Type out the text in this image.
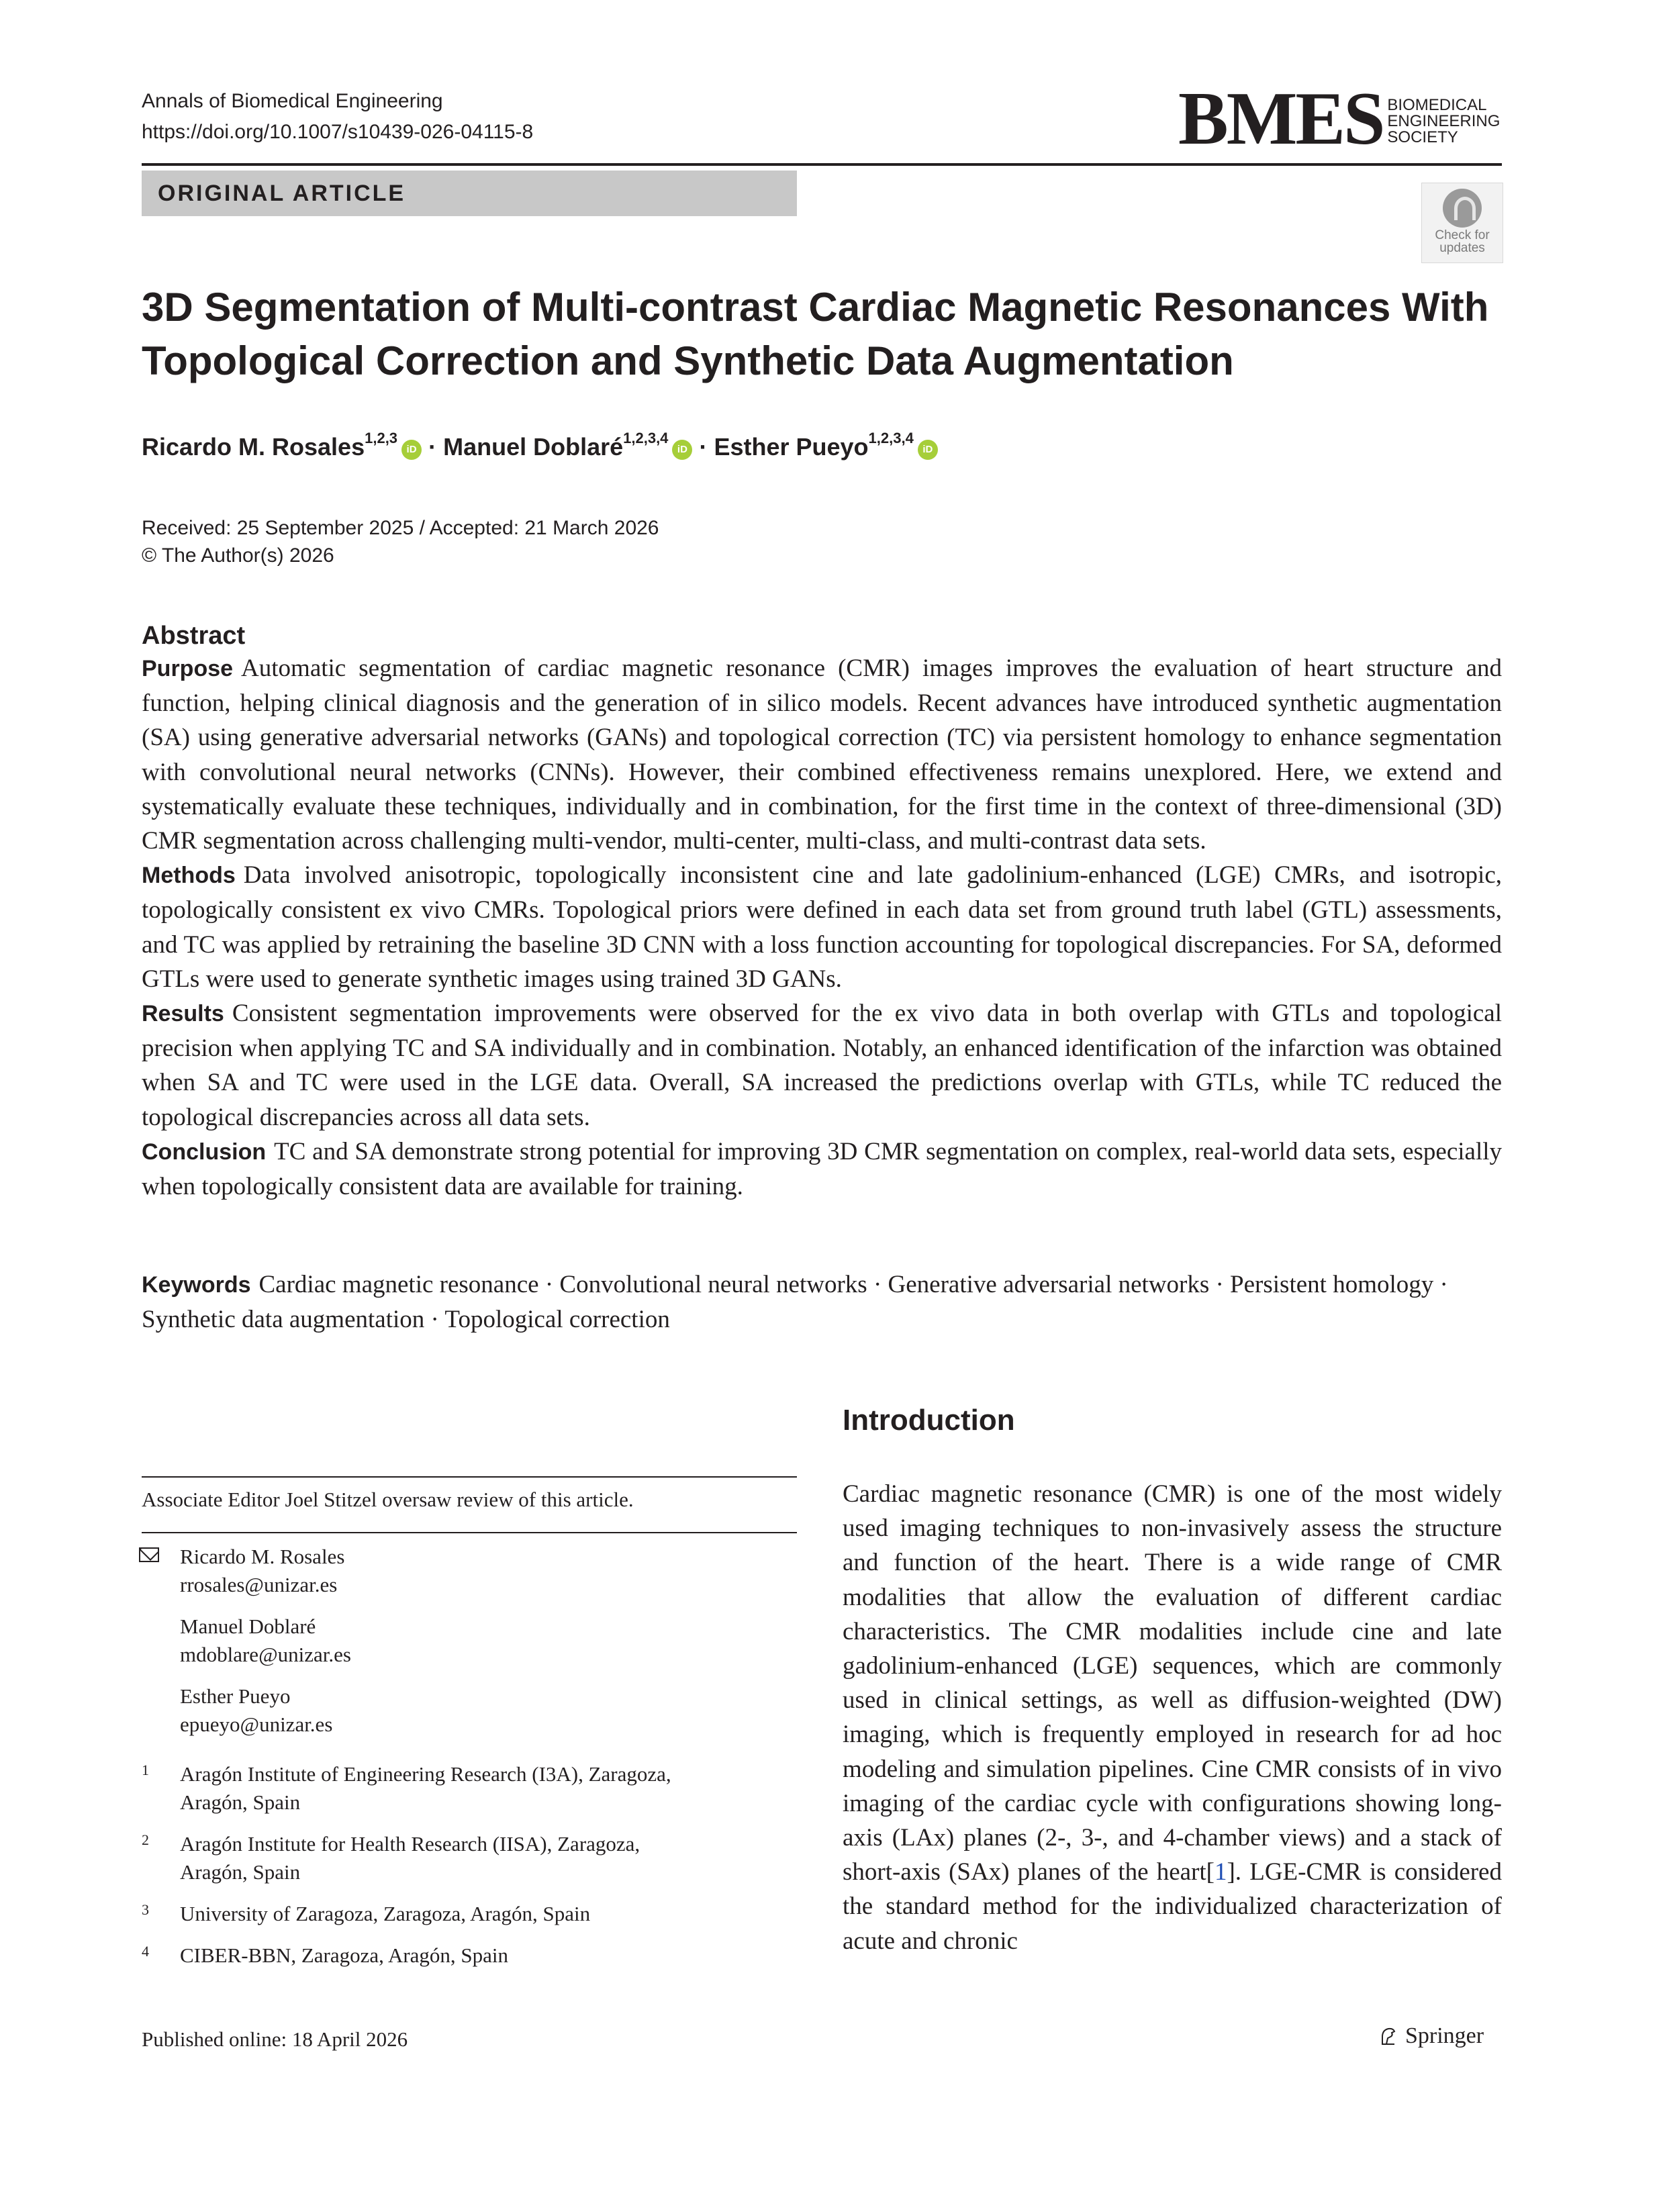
Annals of Biomedical Engineering
https://doi.org/10.1007/s10439-026-04115-8	BMES BIOMEDICAL
ENGINEERING
SOCIETY
ORIGINAL ARTICLE
Check for
updates
3D Segmentation of Multi-contrast Cardiac Magnetic Resonances With
Topological Correction and Synthetic Data Augmentation
Ricardo M. Rosales$^{1,2,3}$iD · Manuel Doblaré$^{1,2,3,4}$iD · Esther Pueyo$^{1,2,3,4}$iD
Received: 25 September 2025 / Accepted: 21 March 2026
© The Author(s) 2026
Abstract

Purpose Automatic segmentation of cardiac magnetic resonance (CMR) images improves the evaluation of heart structure and function, helping clinical diagnosis and the generation of in silico models. Recent advances have introduced synthetic augmentation (SA) using generative adversarial networks (GANs) and topological correction (TC) via persistent homology to enhance segmentation with convolutional neural networks (CNNs). However, their combined effectiveness remains unexplored. Here, we extend and systematically evaluate these techniques, individually and in combination, for the first time in the context of three-dimensional (3D) CMR segmentation across challenging multi-vendor, multi-center, multi-class, and multi-contrast data sets.

Methods Data involved anisotropic, topologically inconsistent cine and late gadolinium-enhanced (LGE) CMRs, and isotropic, topologically consistent ex vivo CMRs. Topological priors were defined in each data set from ground truth label (GTL) assessments, and TC was applied by retraining the baseline 3D CNN with a loss function accounting for topological discrepancies. For SA, deformed GTLs were used to generate synthetic images using trained 3D GANs.

Results Consistent segmentation improvements were observed for the ex vivo data in both overlap with GTLs and topological precision when applying TC and SA individually and in combination. Notably, an enhanced identification of the infarction was obtained when SA and TC were used in the LGE data. Overall, SA increased the predictions overlap with GTLs, while TC reduced the topological discrepancies across all data sets.

Conclusion TC and SA demonstrate strong potential for improving 3D CMR segmentation on complex, real-world data sets, especially when topologically consistent data are available for training.

Keywords Cardiac magnetic resonance · Convolutional neural networks · Generative adversarial networks · Persistent homology · Synthetic data augmentation · Topological correction
Associate Editor Joel Stitzel oversaw review of this article.
Ricardo M. Rosales
rrosales@unizar.es
Manuel Doblaré
mdoblare@unizar.es
Esther Pueyo
epueyo@unizar.es
1	Aragón Institute of Engineering Research (I3A), Zaragoza,
Aragón, Spain
2	Aragón Institute for Health Research (IISA), Zaragoza,
Aragón, Spain
3	University of Zaragoza, Zaragoza, Aragón, Spain
4	CIBER-BBN, Zaragoza, Aragón, Spain
Introduction
Cardiac magnetic resonance (CMR) is one of the most widely used imaging techniques to non-invasively assess the structure and function of the heart. There is a wide range of CMR modalities that allow the evaluation of different cardiac characteristics. The CMR modalities include cine and late gadolinium-enhanced (LGE) sequences, which are commonly used in clinical settings, as well as diffusion-weighted (DW) imaging, which is frequently employed in research for ad hoc modeling and simulation pipelines. Cine CMR consists of in vivo imaging of the cardiac cycle with configurations showing long-axis (LAx) planes (2-, 3-, and 4-chamber views) and a stack of short-axis (SAx) planes of the heart[1]. LGE-CMR is considered the standard method for the individualized characterization of acute and chronic
Published online: 18 April 2026	Springer
